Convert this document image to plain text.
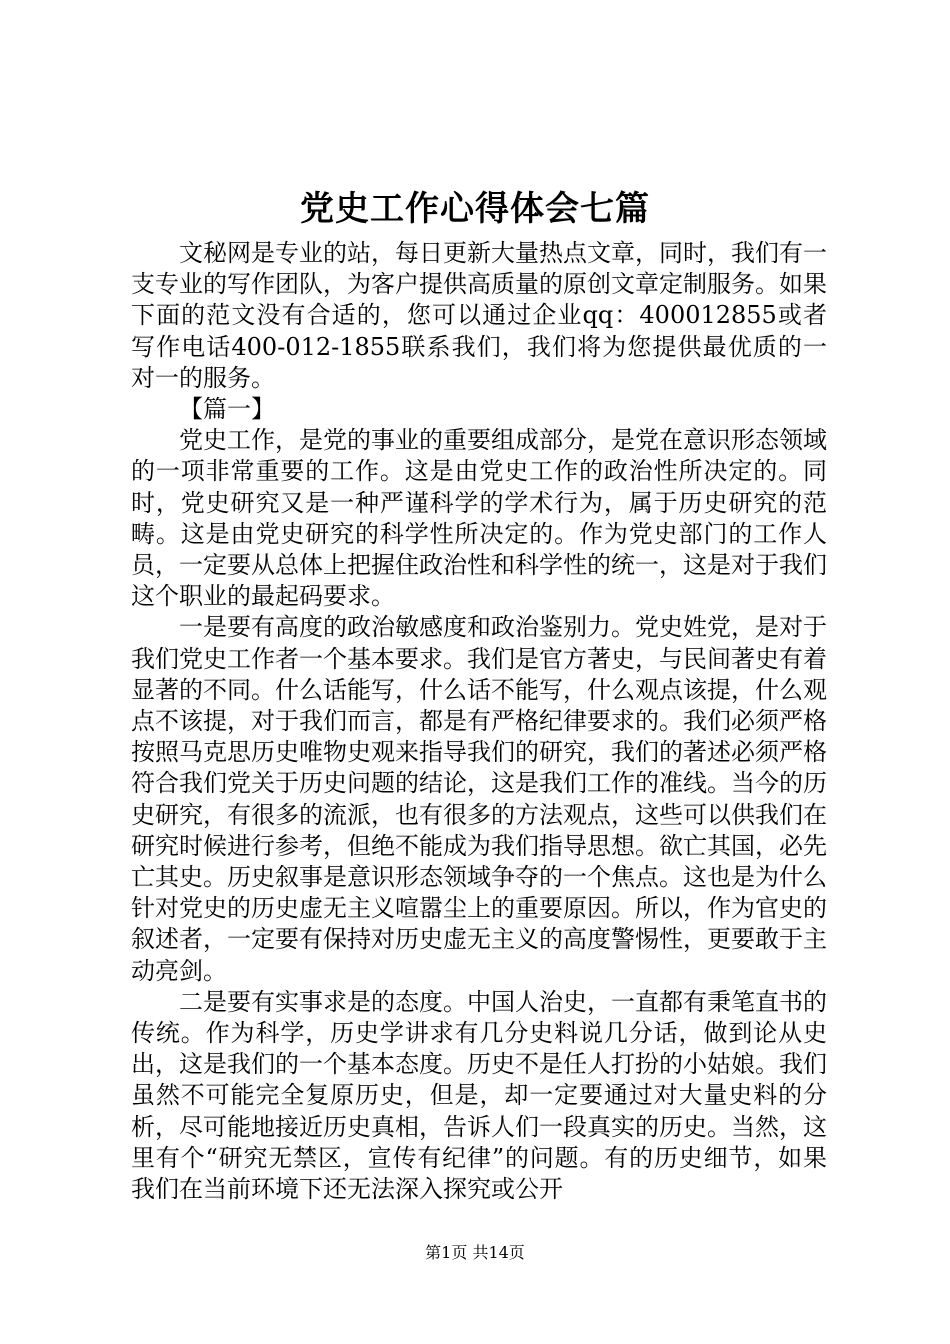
党史工作心得体会七篇

文秘网是专业的站，每日更新大量热点文章，同时，我们有一支专业的写作团队，为客户提供高质量的原创文章定制服务。如果下面的范文没有合适的，您可以通过企业qq：400012855或者写作电话400-012-1855联系我们，我们将为您提供最优质的一对一的服务。

【篇一】

党史工作，是党的事业的重要组成部分，是党在意识形态领域的一项非常重要的工作。这是由党史工作的政治性所决定的。同时，党史研究又是一种严谨科学的学术行为，属于历史研究的范畴。这是由党史研究的科学性所决定的。作为党史部门的工作人员，一定要从总体上把握住政治性和科学性的统一，这是对于我们这个职业的最起码要求。

一是要有高度的政治敏感度和政治鉴别力。党史姓党，是对于我们党史工作者一个基本要求。我们是官方著史，与民间著史有着显著的不同。什么话能写，什么话不能写，什么观点该提，什么观点不该提，对于我们而言，都是有严格纪律要求的。我们必须严格按照马克思历史唯物史观来指导我们的研究，我们的著述必须严格符合我们党关于历史问题的结论，这是我们工作的准线。当今的历史研究，有很多的流派，也有很多的方法观点，这些可以供我们在研究时候进行参考，但绝不能成为我们指导思想。欲亡其国，必先亡其史。历史叙事是意识形态领域争夺的一个焦点。这也是为什么针对党史的历史虚无主义喧嚣尘上的重要原因。所以，作为官史的叙述者，一定要有保持对历史虚无主义的高度警惕性，更要敢于主动亮剑。

二是要有实事求是的态度。中国人治史，一直都有秉笔直书的传统。作为科学，历史学讲求有几分史料说几分话，做到论从史出，这是我们的一个基本态度。历史不是任人打扮的小姑娘。我们虽然不可能完全复原历史，但是，却一定要通过对大量史料的分析，尽可能地接近历史真相，告诉人们一段真实的历史。当然，这里有个“研究无禁区，宣传有纪律”的问题。有的历史细节，如果我们在当前环境下还无法深入探究或公开

第1页 共14页
